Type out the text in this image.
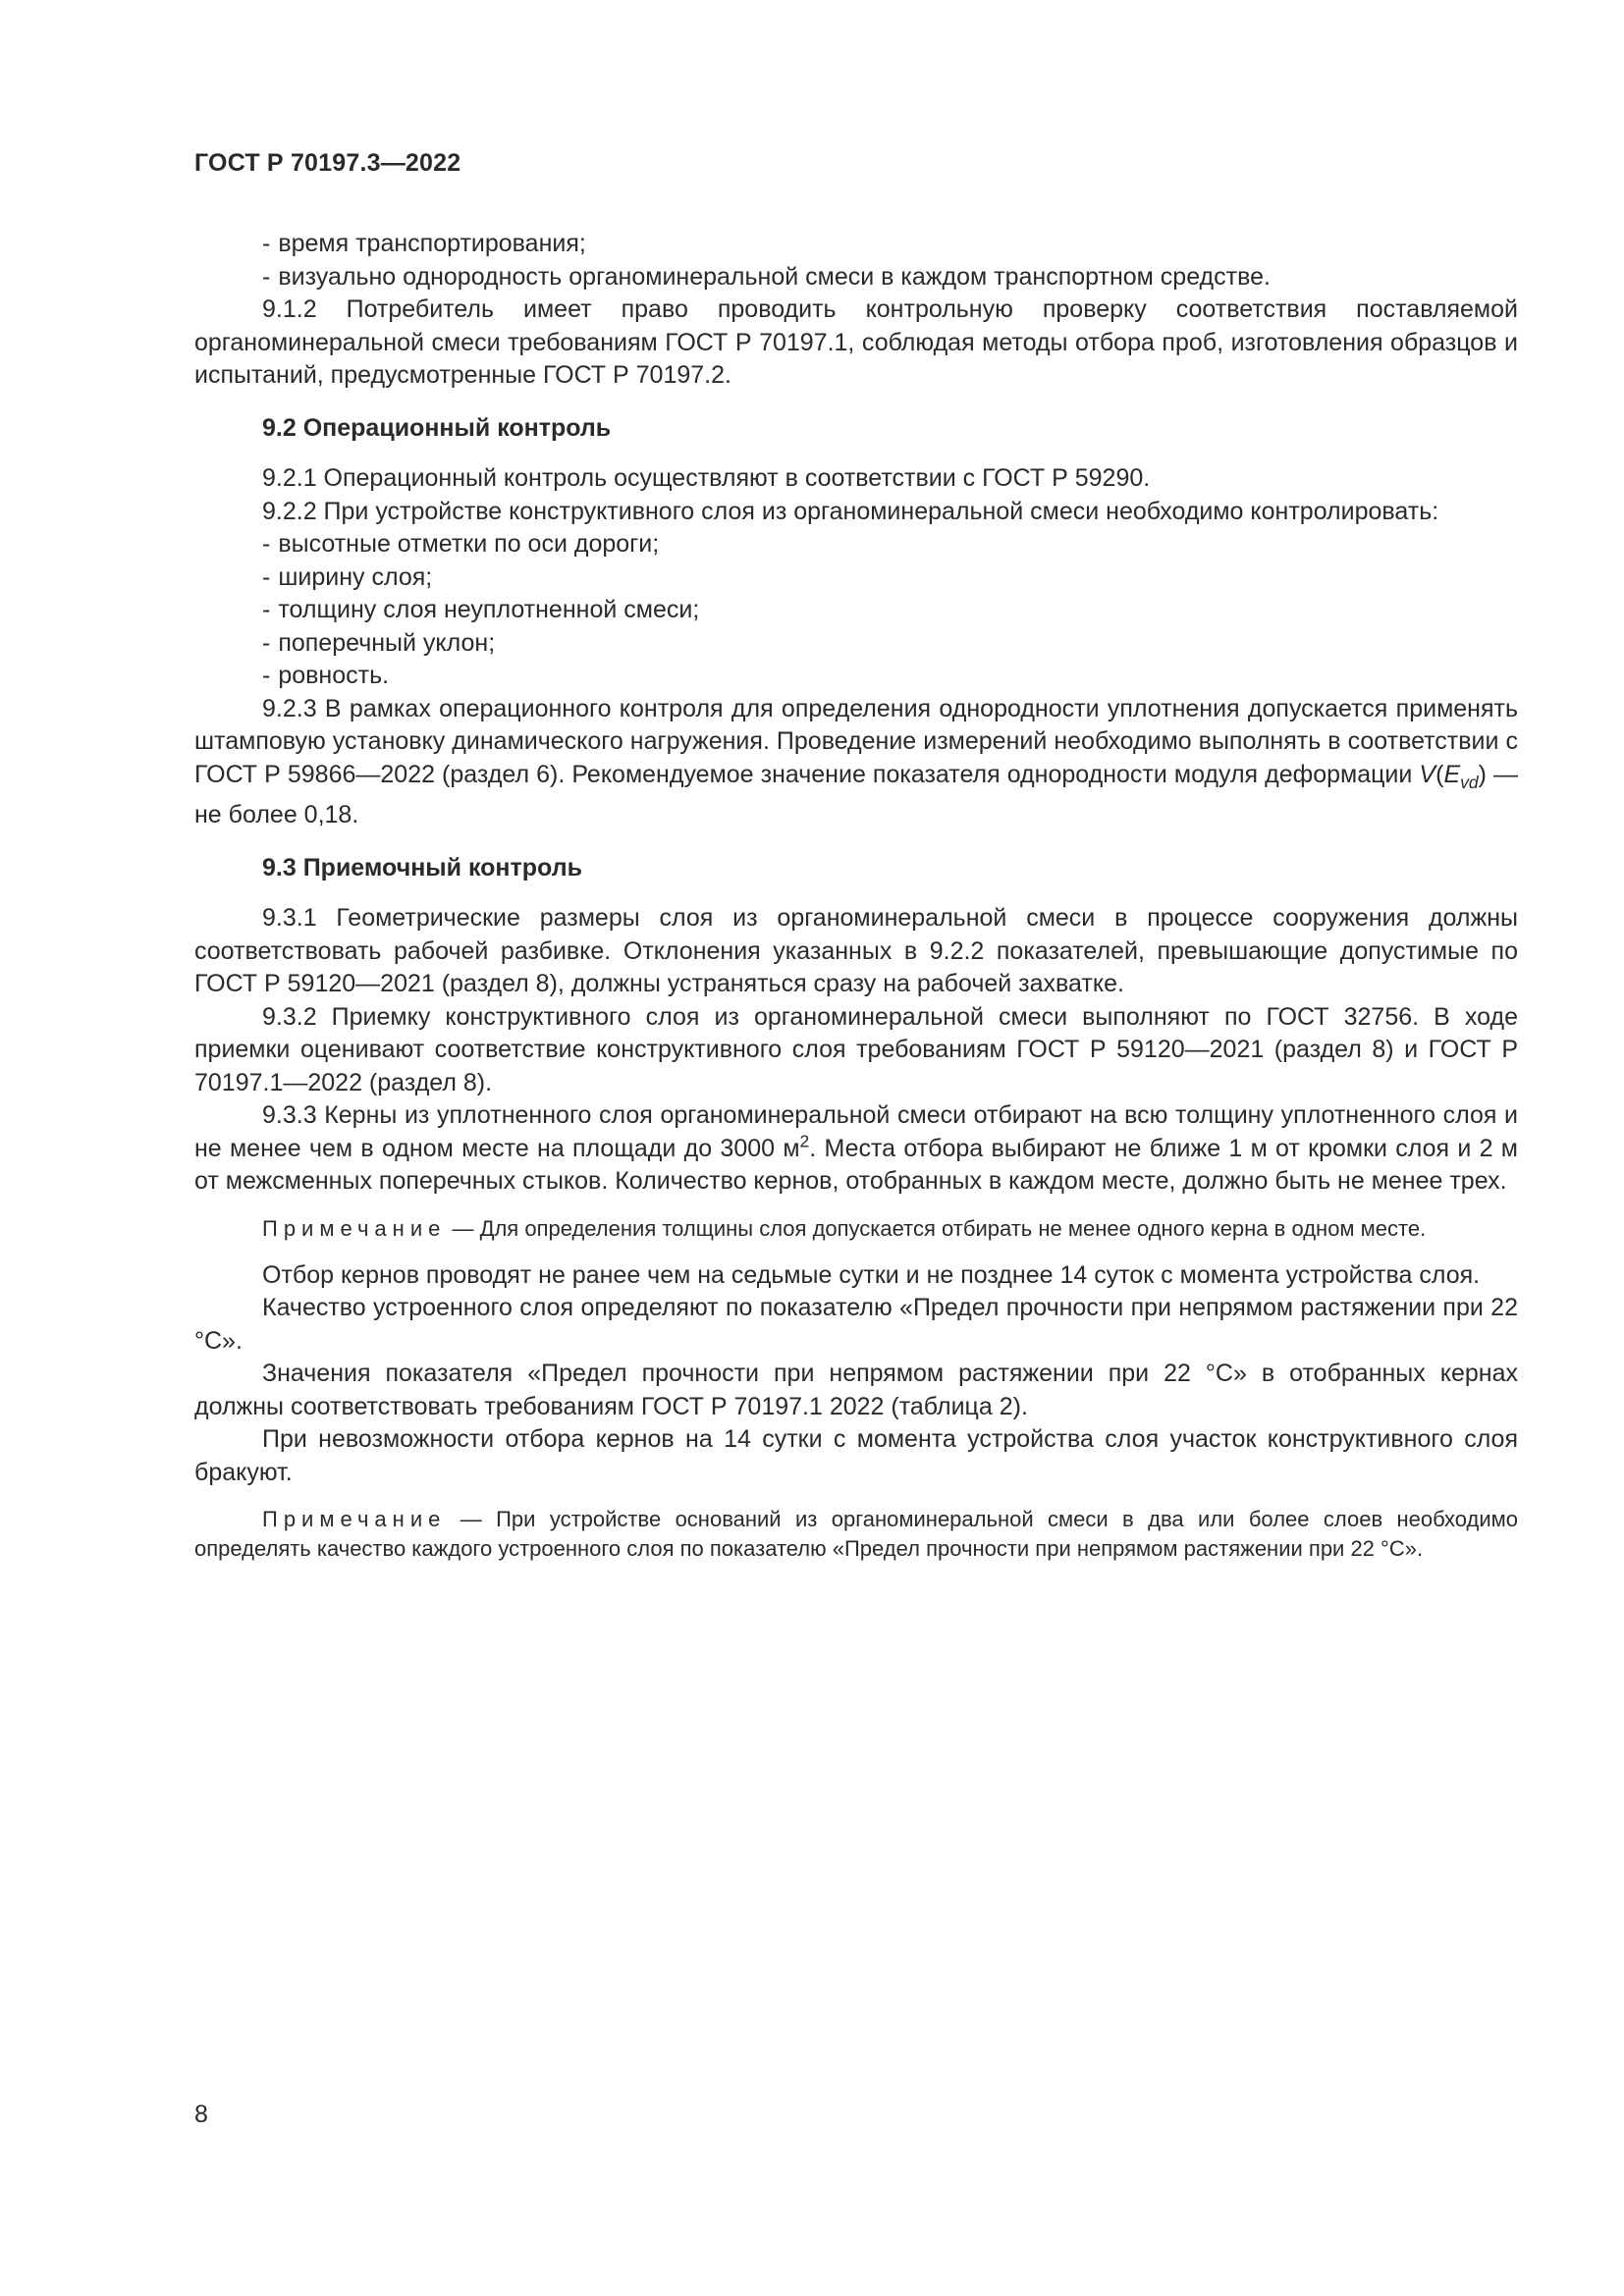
ГОСТ Р 70197.3—2022

- время транспортирования;

- визуально однородность органоминеральной смеси в каждом транспортном средстве.

9.1.2 Потребитель имеет право проводить контрольную проверку соответствия поставляемой органоминеральной смеси требованиям ГОСТ Р 70197.1, соблюдая методы отбора проб, изготовления образцов и испытаний, предусмотренные ГОСТ Р 70197.2.

9.2 Операционный контроль

9.2.1 Операционный контроль осуществляют в соответствии с ГОСТ Р 59290.

9.2.2 При устройстве конструктивного слоя из органоминеральной смеси необходимо контролировать:

- высотные отметки по оси дороги;

- ширину слоя;

- толщину слоя неуплотненной смеси;

- поперечный уклон;

- ровность.

9.2.3 В рамках операционного контроля для определения однородности уплотнения допускается применять штамповую установку динамического нагружения. Проведение измерений необходимо выполнять в соответствии с ГОСТ Р 59866—2022 (раздел 6). Рекомендуемое значение показателя однородности модуля деформации $V(E_{vd})$ — не более 0,18.

9.3 Приемочный контроль

9.3.1 Геометрические размеры слоя из органоминеральной смеси в процессе сооружения должны соответствовать рабочей разбивке. Отклонения указанных в 9.2.2 показателей, превышающие допустимые по ГОСТ Р 59120—2021 (раздел 8), должны устраняться сразу на рабочей захватке.

9.3.2 Приемку конструктивного слоя из органоминеральной смеси выполняют по ГОСТ 32756. В ходе приемки оценивают соответствие конструктивного слоя требованиям ГОСТ Р 59120—2021 (раздел 8) и ГОСТ Р 70197.1—2022 (раздел 8).

9.3.3 Керны из уплотненного слоя органоминеральной смеси отбирают на всю толщину уплотненного слоя и не менее чем в одном месте на площади до 3000 $м^2$. Места отбора выбирают не ближе 1 м от кромки слоя и 2 м от межсменных поперечных стыков. Количество кернов, отобранных в каждом месте, должно быть не менее трех.

Примечание — Для определения толщины слоя допускается отбирать не менее одного керна в одном месте.

Отбор кернов проводят не ранее чем на седьмые сутки и не позднее 14 суток с момента устройства слоя.

Качество устроенного слоя определяют по показателю «Предел прочности при непрямом растяжении при 22 °С».

Значения показателя «Предел прочности при непрямом растяжении при 22 °С» в отобранных кернах должны соответствовать требованиям ГОСТ Р 70197.1 2022 (таблица 2).

При невозможности отбора кернов на 14 сутки с момента устройства слоя участок конструктивного слоя бракуют.

Примечание — При устройстве оснований из органоминеральной смеси в два или более слоев необходимо определять качество каждого устроенного слоя по показателю «Предел прочности при непрямом растяжении при 22 °С».

8
